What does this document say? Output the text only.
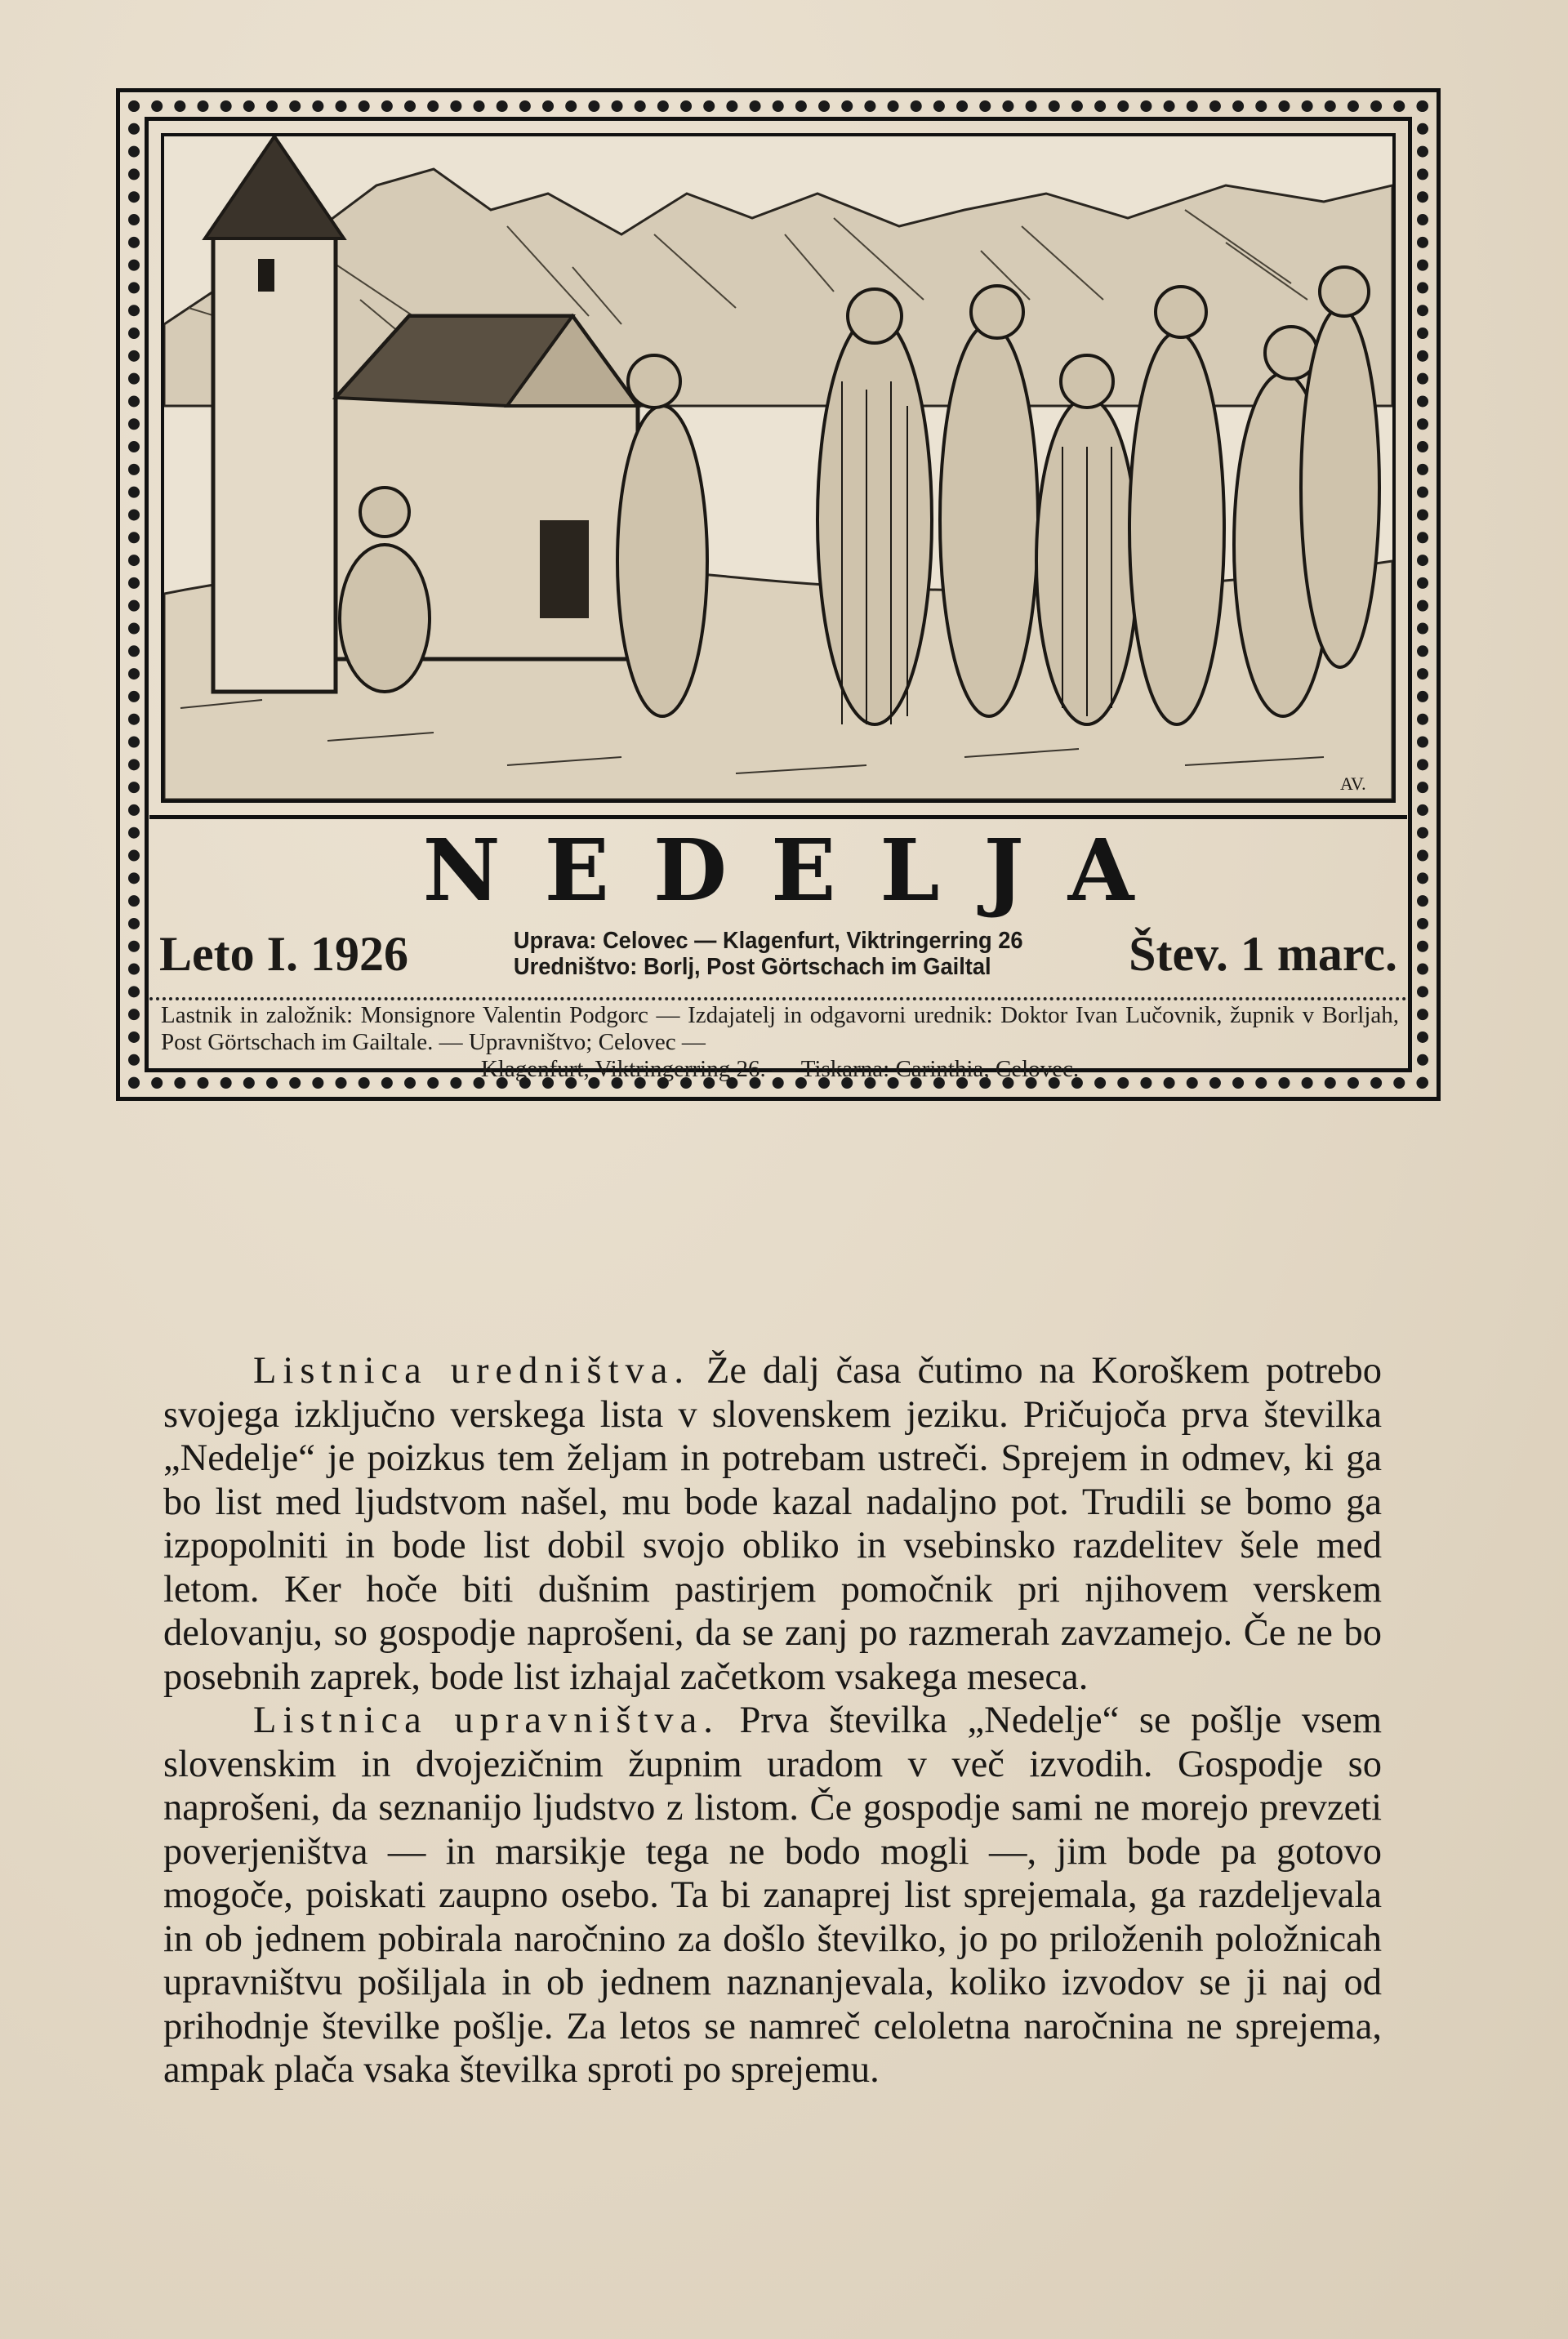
AV.
NEDELJA
Leto I. 1926	Uprava: Celovec — Klagenfurt, Viktringerring 26
Uredništvo: Borlj, Post Görtschach im Gailtal	Štev. 1 marc.
Lastnik in založnik: Monsignore Valentin Podgorc — Izdajatelj in odgavorni urednik: Doktor Ivan Lučovnik, župnik v Borljah, Post Görtschach im Gailtale. — Upravništvo; Celovec —
Klagenfurt, Viktringerring 26. — Tiskarna: Carinthia, Celovec.

Listnica uredništva. Že dalj časa čutimo na Koroškem potrebo svojega izključno verskega lista v slovenskem jeziku. Pričujoča prva številka „Nedelje“ je poizkus tem željam in potrebam ustreči. Sprejem in odmev, ki ga bo list med ljudstvom našel, mu bode kazal nadaljno pot. Trudili se bomo ga izpopolniti in bode list dobil svojo obliko in vsebinsko razdelitev šele med letom. Ker hoče biti dušnim pastirjem pomočnik pri njihovem verskem delovanju, so gospodje naprošeni, da se zanj po razmerah zavzamejo. Če ne bo posebnih zaprek, bode list izhajal začetkom vsakega meseca.

Listnica upravništva. Prva številka „Nedelje“ se pošlje vsem slovenskim in dvojezičnim župnim uradom v več izvodih. Gospodje so naprošeni, da seznanijo ljudstvo z listom. Če gospodje sami ne morejo prevzeti poverjeništva — in marsikje tega ne bodo mogli —, jim bode pa gotovo mogoče, poiskati zaupno osebo. Ta bi zanaprej list sprejemala, ga razdeljevala in ob jednem pobirala naročnino za došlo številko, jo po priloženih položnicah upravništvu pošiljala in ob jednem naznanjevala, koliko izvodov se ji naj od prihodnje številke pošlje. Za letos se namreč celoletna naročnina ne sprejema, ampak plača vsaka številka sproti po sprejemu.
